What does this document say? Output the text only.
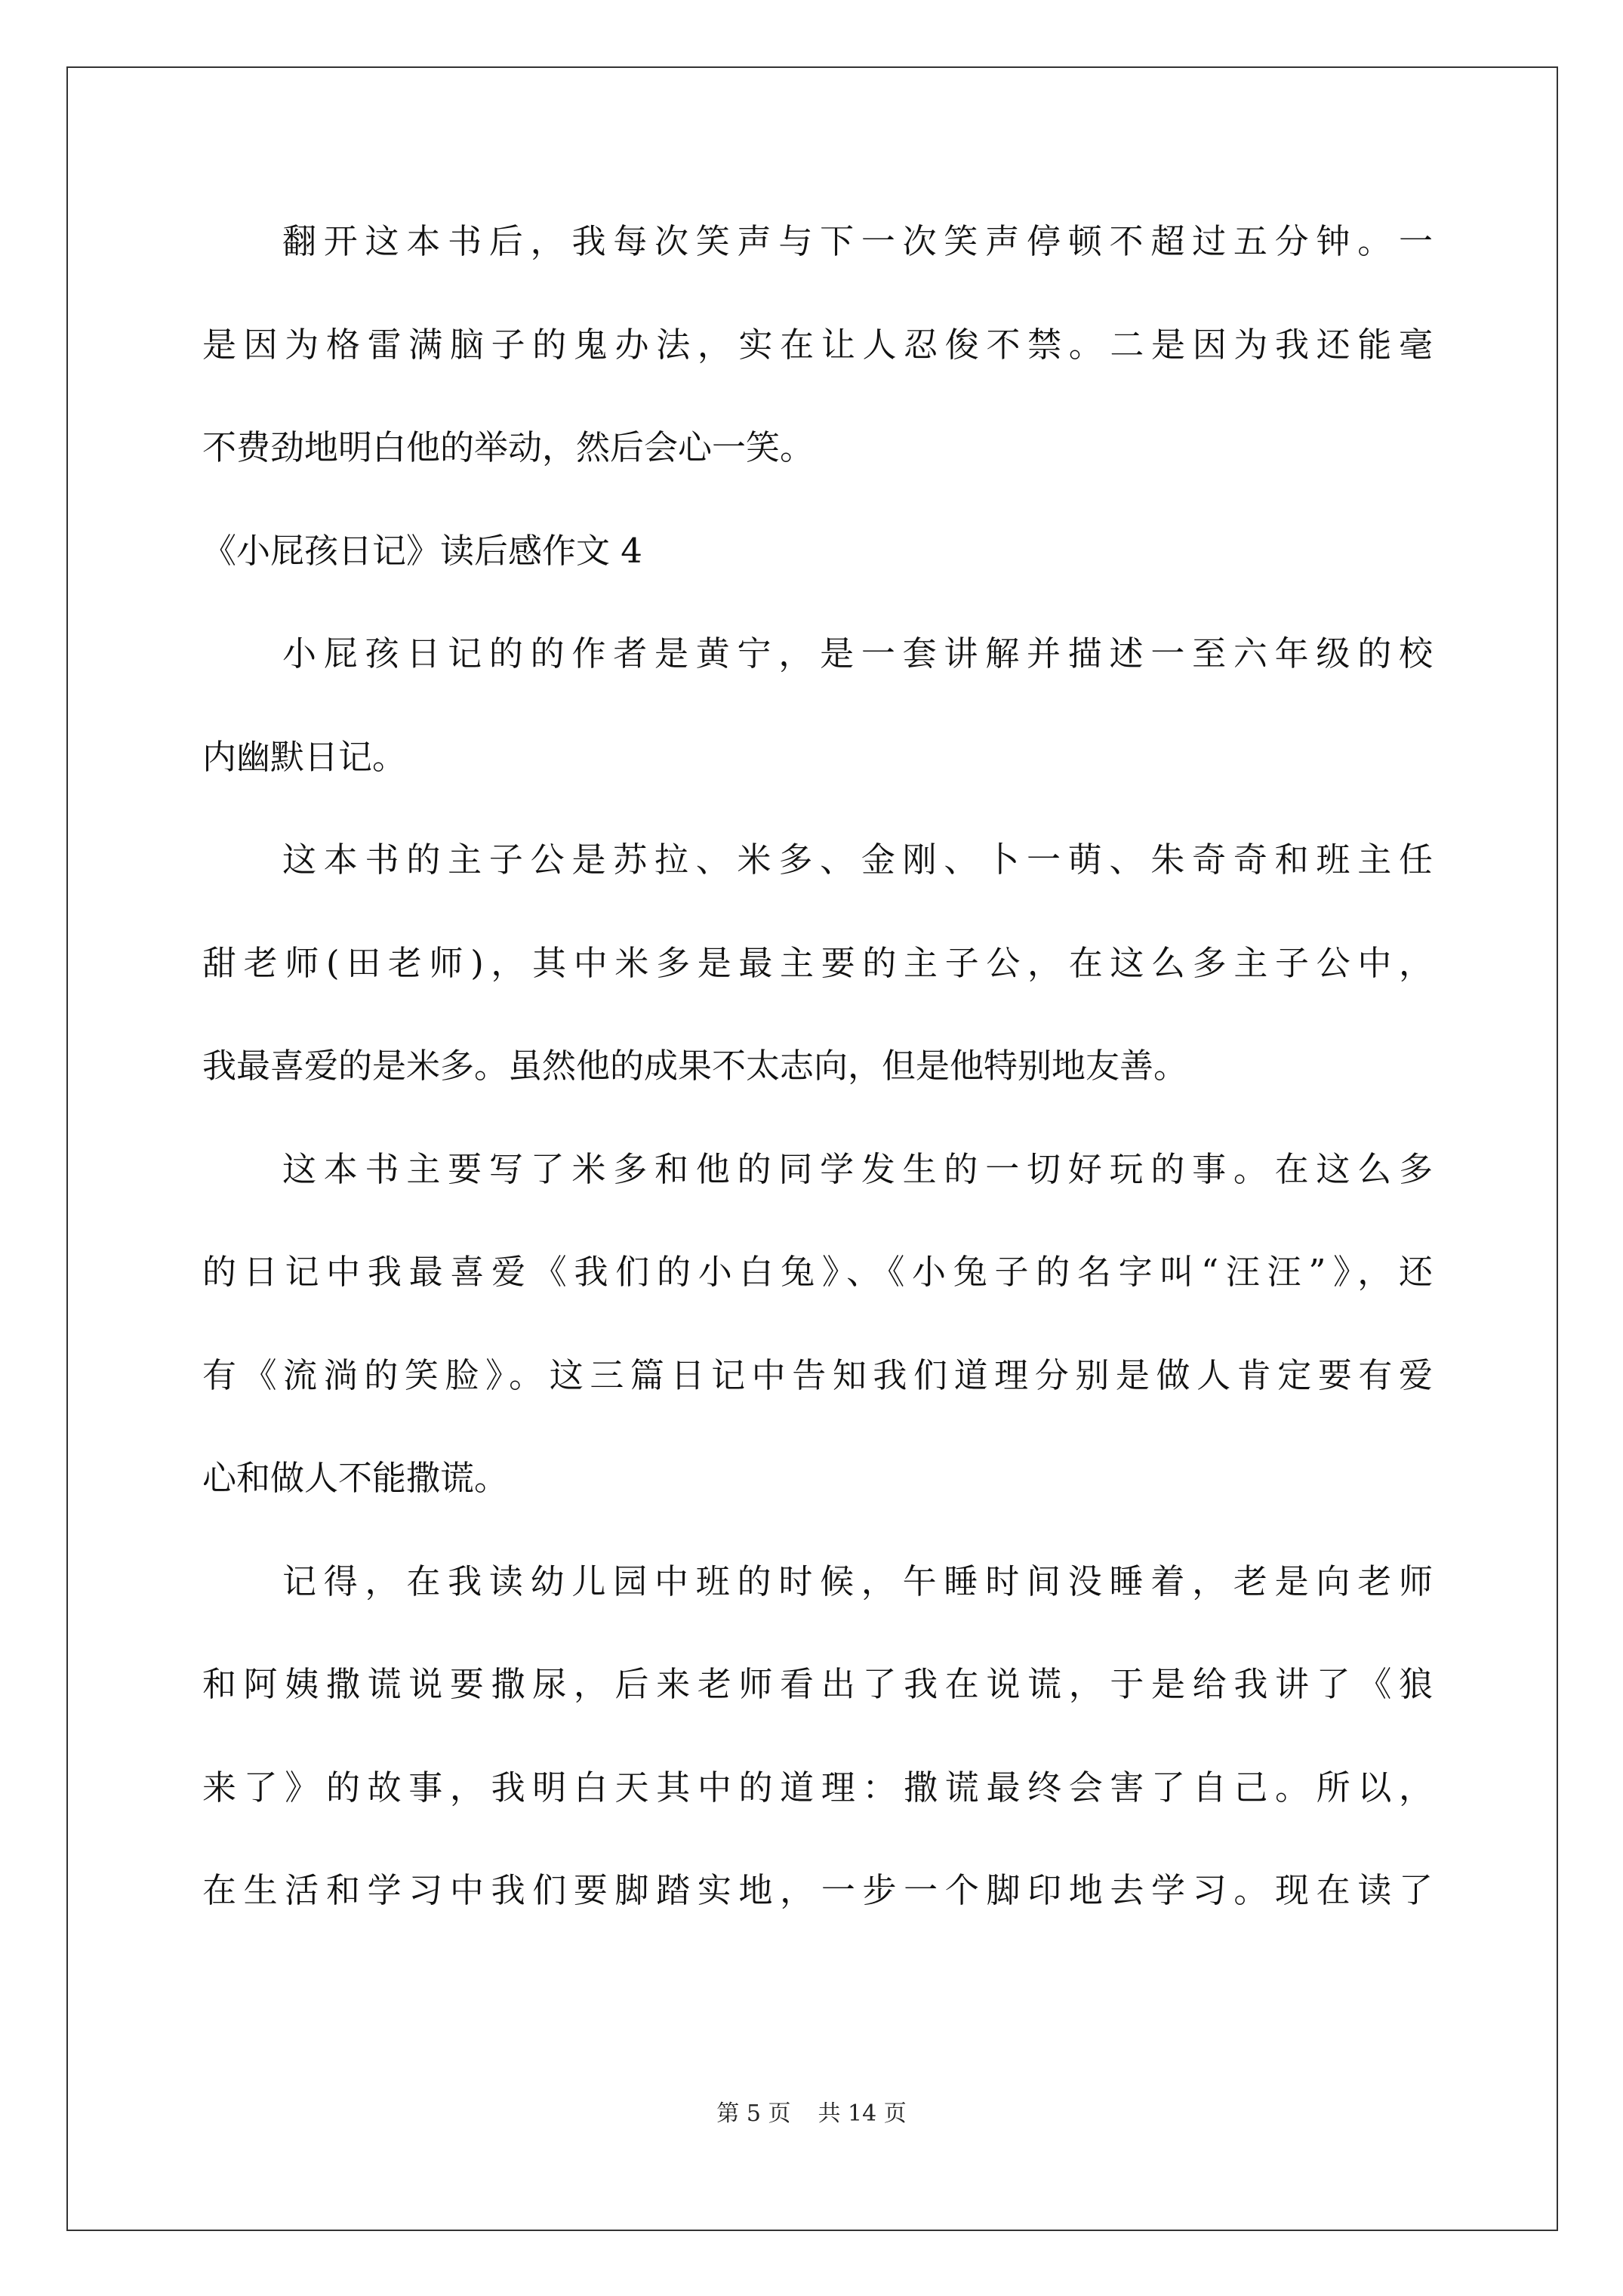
翻开这本书后，我每次笑声与下一次笑声停顿不超过五分钟。一
是因为格雷满脑子的鬼办法，实在让人忍俊不禁。二是因为我还能毫
不费劲地明白他的举动，然后会心一笑。
《小屁孩日记》读后感作文 4
小屁孩日记的的作者是黄宁，是一套讲解并描述一至六年级的校
内幽默日记。
这本书的主子公是苏拉、米多、金刚、卜一萌、朱奇奇和班主任
甜老师(田老师)，其中米多是最主要的主子公，在这么多主子公中，
我最喜爱的是米多。虽然他的成果不太志向，但是他特别地友善。
这本书主要写了米多和他的同学发生的一切好玩的事。在这么多
的日记中我最喜爱《我们的小白兔》、《小兔子的名字叫“汪汪”》，还
有《流淌的笑脸》。这三篇日记中告知我们道理分别是做人肯定要有爱
心和做人不能撒谎。
记得，在我读幼儿园中班的时候，午睡时间没睡着，老是向老师
和阿姨撒谎说要撒尿，后来老师看出了我在说谎，于是给我讲了《狼
来了》的故事，我明白天其中的道理：撒谎最终会害了自己。所以，
在生活和学习中我们要脚踏实地，一步一个脚印地去学习。现在读了
第 5 页 共 14 页
